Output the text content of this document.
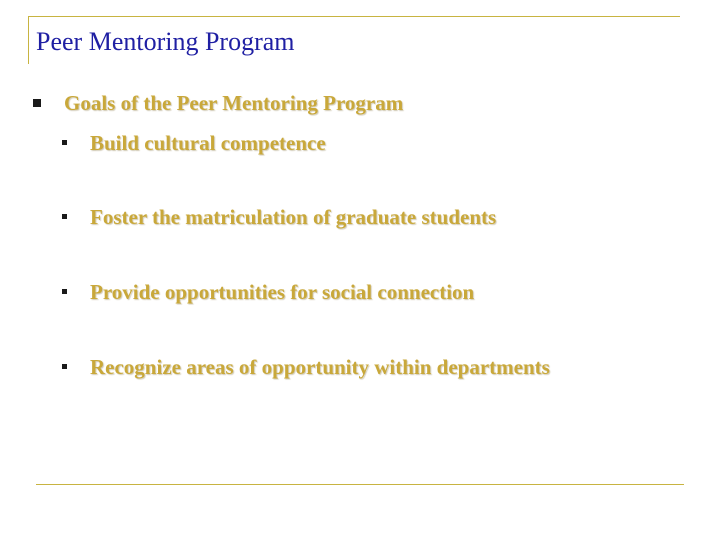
Peer Mentoring Program
Goals of the Peer Mentoring Program
Build cultural competence
Foster the matriculation of graduate students
Provide opportunities for social connection
Recognize areas of opportunity within departments
